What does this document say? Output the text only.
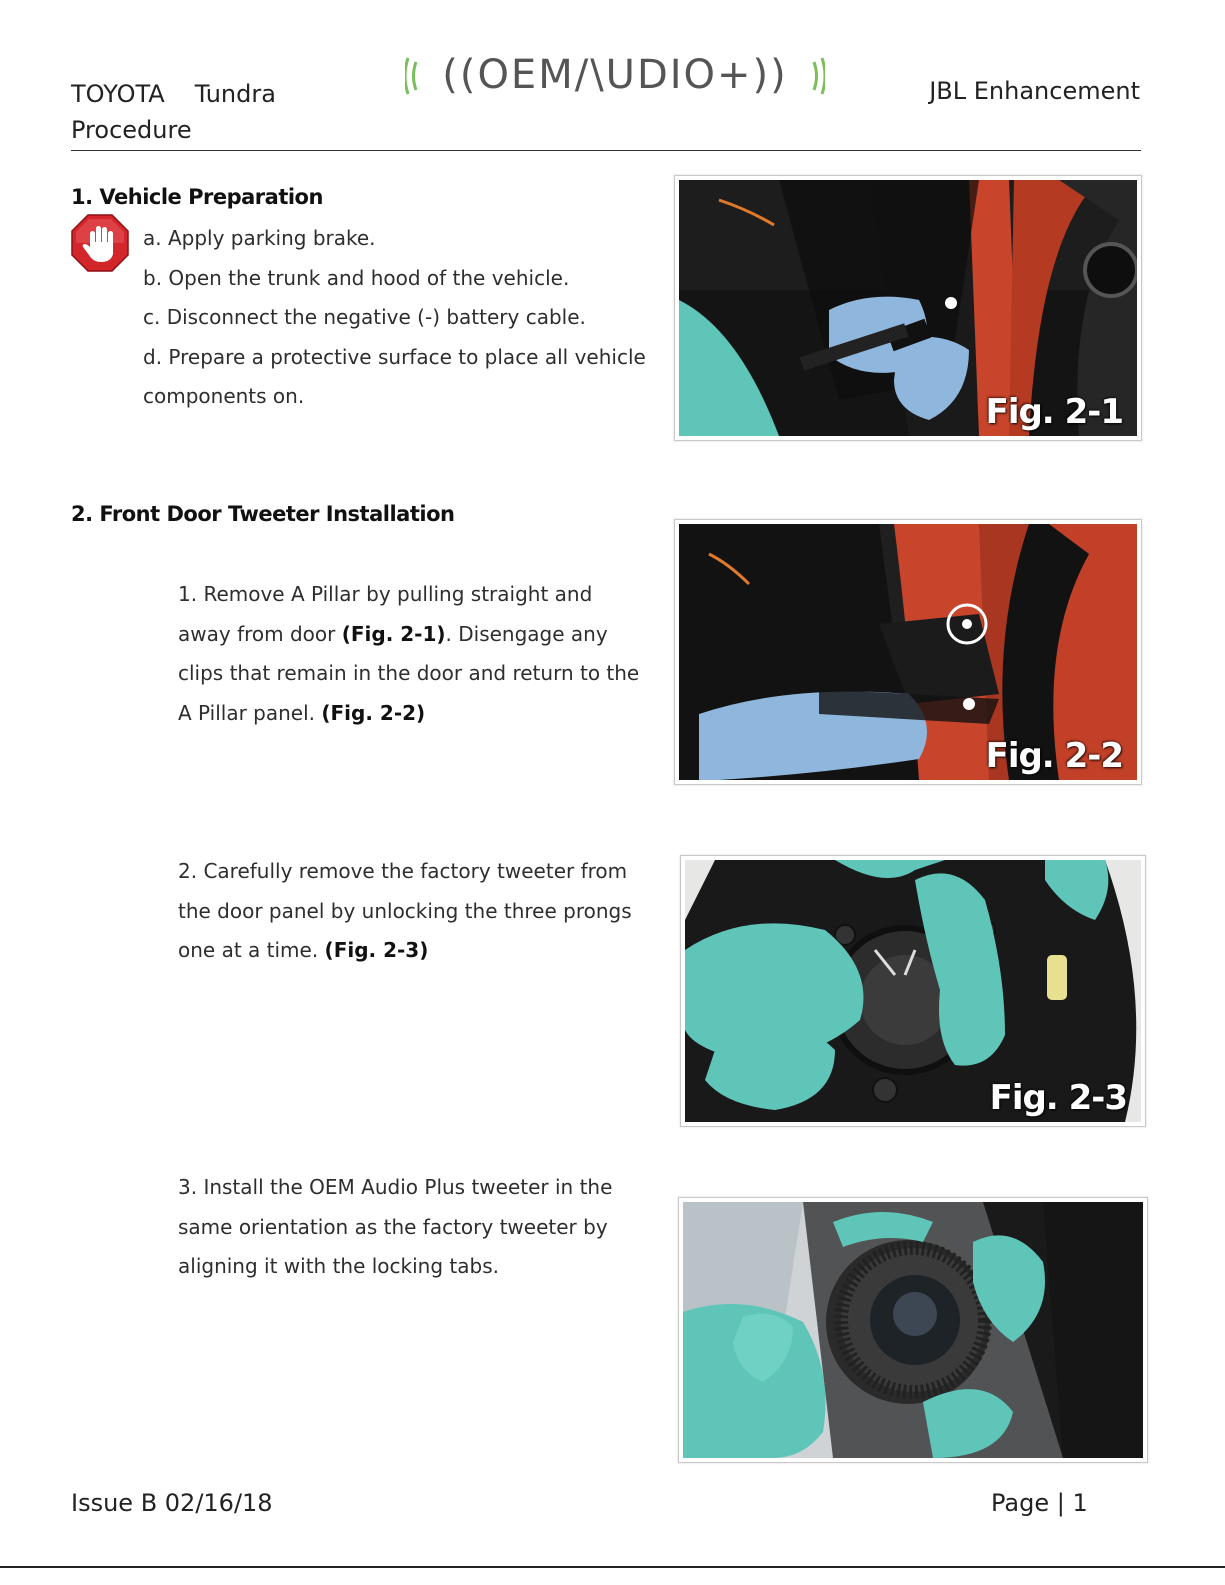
TOYOTA Tundra
Procedure
((OEM/\UDIO+))	JBL Enhancement
1. Vehicle Preparation
a. Apply parking brake.
b. Open the trunk and hood of the vehicle.
c. Disconnect the negative (-) battery cable.
d. Prepare a protective surface to place all vehicle components on.
2. Front Door Tweeter Installation
1. Remove A Pillar by pulling straight and away from door (Fig. 2-1). Disengage any clips that remain in the door and return to the A Pillar panel. (Fig. 2-2)
2. Carefully remove the factory tweeter from the door panel by unlocking the three prongs one at a time. (Fig. 2-3)
3. Install the OEM Audio Plus tweeter in the same orientation as the factory tweeter by aligning it with the locking tabs.
Fig. 2-1
Fig. 2-2
Fig. 2-3
Issue B 02/16/18	Page | 1
